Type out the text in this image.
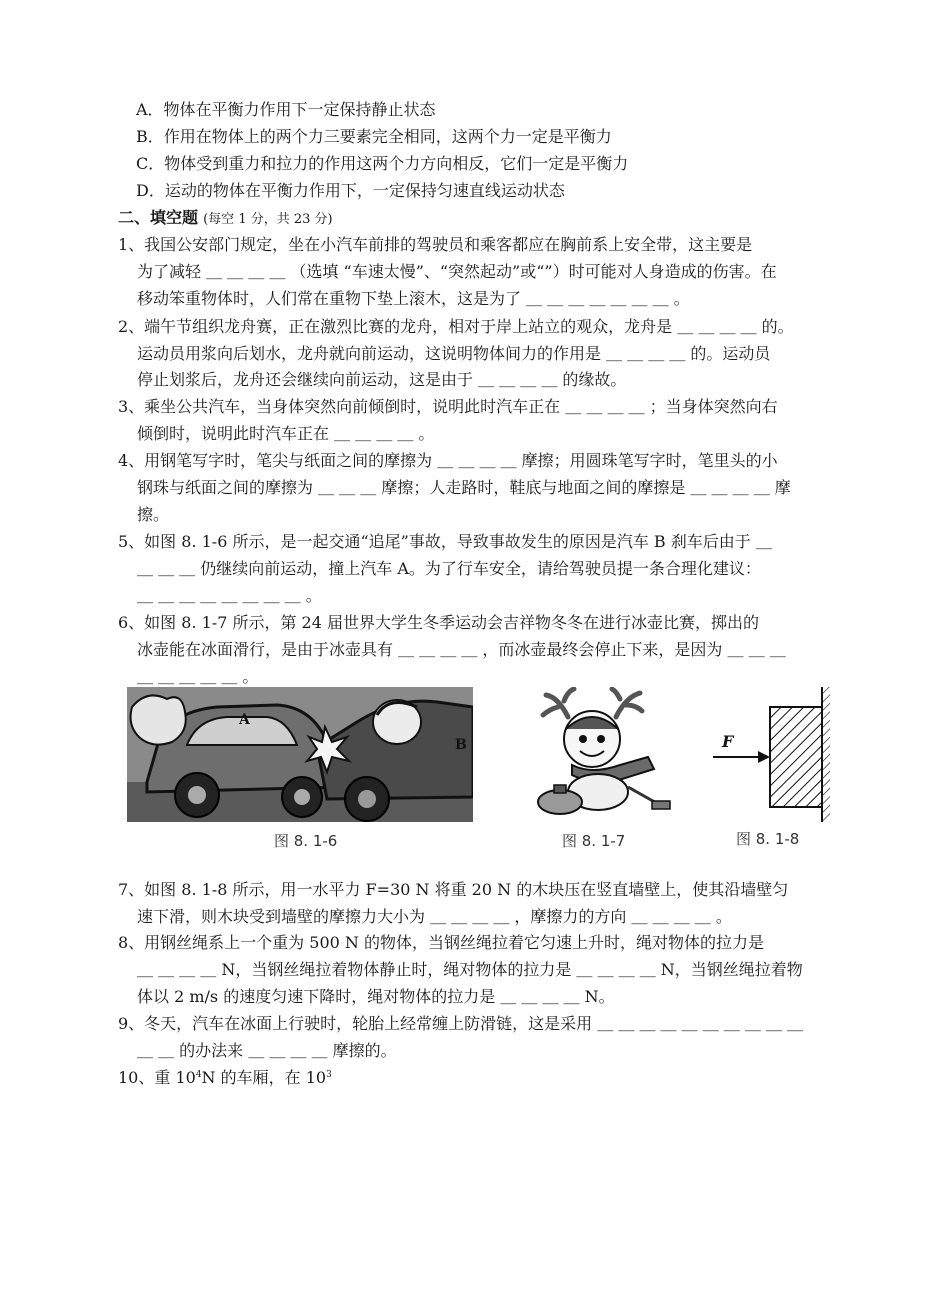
A．物体在平衡力作用下一定保持静止状态
B．作用在物体上的两个力三要素完全相同，这两个力一定是平衡力
C．物体受到重力和拉力的作用这两个力方向相反，它们一定是平衡力
D．运动的物体在平衡力作用下，一定保持匀速直线运动状态
二、填空题 (每空 1 分，共 23 分)
1、我国公安部门规定，坐在小汽车前排的驾驶员和乘客都应在胸前系上安全带，这主要是
为了减轻 ＿ ＿ ＿ ＿ （选填 “车速太慢”、“突然起动”或“”）时可能对人身造成的伤害。在
移动笨重物体时，人们常在重物下垫上滚木，这是为了 ＿ ＿ ＿ ＿ ＿ ＿ ＿ 。
2、端午节组织龙舟赛，正在激烈比赛的龙舟，相对于岸上站立的观众，龙舟是 ＿ ＿ ＿ ＿ 的。
运动员用浆向后划水，龙舟就向前运动，这说明物体间力的作用是 ＿ ＿ ＿ ＿ 的。运动员
停止划浆后，龙舟还会继续向前运动，这是由于 ＿ ＿ ＿ ＿ 的缘故。
3、乘坐公共汽车，当身体突然向前倾倒时，说明此时汽车正在 ＿ ＿ ＿ ＿ ；当身体突然向右
倾倒时，说明此时汽车正在 ＿ ＿ ＿ ＿ 。
4、用钢笔写字时，笔尖与纸面之间的摩擦为 ＿ ＿ ＿ ＿ 摩擦；用圆珠笔写字时，笔里头的小
钢珠与纸面之间的摩擦为 ＿ ＿ ＿ 摩擦；人走路时，鞋底与地面之间的摩擦是 ＿ ＿ ＿ ＿ 摩
擦。
5、如图 8. 1-6 所示，是一起交通“追尾”事故，导致事故发生的原因是汽车 B 刹车后由于 ＿
＿ ＿ ＿ 仍继续向前运动，撞上汽车 A。为了行车安全，请给驾驶员提一条合理化建议：
＿ ＿ ＿ ＿ ＿ ＿ ＿ ＿ 。
6、如图 8. 1-7 所示，第 24 届世界大学生冬季运动会吉祥物冬冬在进行冰壶比赛，掷出的
冰壶能在冰面滑行，是由于冰壶具有 ＿ ＿ ＿ ＿ ，而冰壶最终会停止下来，是因为 ＿ ＿ ＿
＿ ＿ ＿ ＿ ＿ 。
A
B
图 8. 1-6	图 8. 1-7
F
图 8. 1-8
7、如图 8. 1-8 所示，用一水平力 F=30 N 将重 20 N 的木块压在竖直墙壁上，使其沿墙壁匀
速下滑，则木块受到墙壁的摩擦力大小为 ＿ ＿ ＿ ＿ ，摩擦力的方向 ＿ ＿ ＿ ＿ 。
8、用钢丝绳系上一个重为 500 N 的物体，当钢丝绳拉着它匀速上升时，绳对物体的拉力是
＿ ＿ ＿ ＿ N，当钢丝绳拉着物体静止时，绳对物体的拉力是 ＿ ＿ ＿ ＿ N，当钢丝绳拉着物
体以 2 m/s 的速度匀速下降时，绳对物体的拉力是 ＿ ＿ ＿ ＿ N。
9、冬天，汽车在冰面上行驶时，轮胎上经常缠上防滑链，这是采用 ＿ ＿ ＿ ＿ ＿ ＿ ＿ ＿ ＿ ＿
＿ ＿ 的办法来 ＿ ＿ ＿ ＿ 摩擦的。
10、重 $10^4N$ 的车厢，在 $10^3$
